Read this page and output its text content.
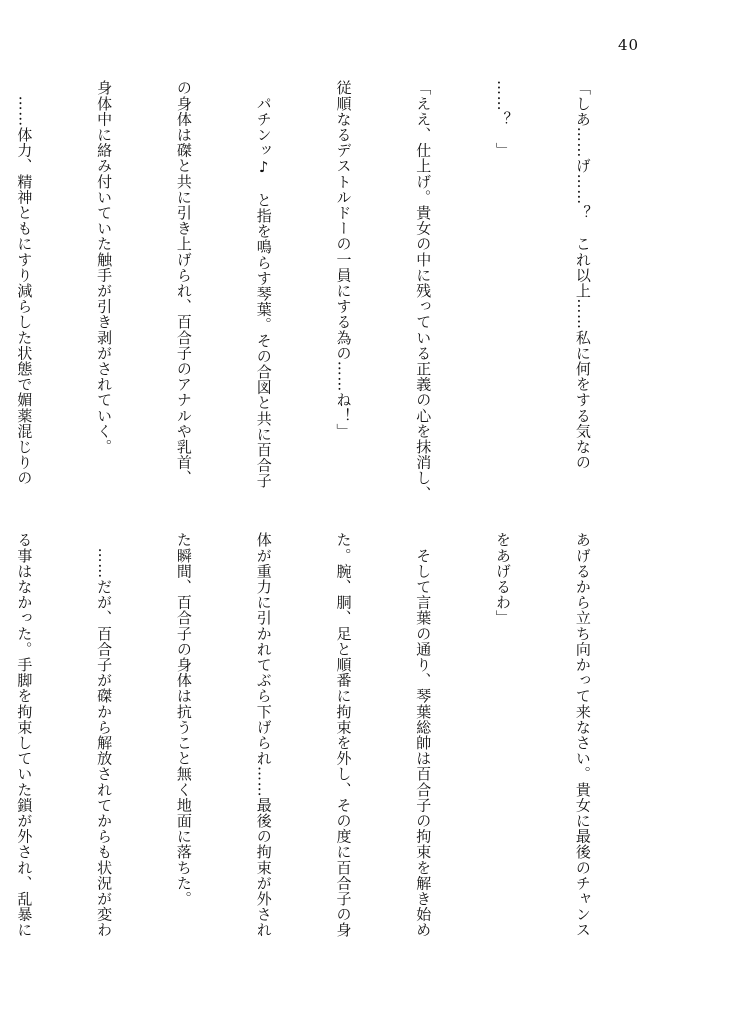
40

「しあ……げ……？　これ以上……私に何をする気なの

……？　」

「ええ、仕上げ。貴女の中に残っている正義の心を抹消し、

従順なるデストルドーの一員にする為の……ね！」

　パチンッ♪　と指を鳴らす琴葉。その合図と共に百合子

の身体は磔と共に引き上げられ、百合子のアナルや乳首、

身体中に絡み付いていた触手が引き剥がされていく。

　……体力、精神ともにすり減らした状態で媚薬混じりの

あげるから立ち向かって来なさい。貴女に最後のチャンス

をあげるわ」

　そして言葉の通り、琴葉総帥は百合子の拘束を解き始め

た。腕、胴、足と順番に拘束を外し、その度に百合子の身

体が重力に引かれてぶら下げられ……最後の拘束が外され

た瞬間、百合子の身体は抗うこと無く地面に落ちた。

　……だが、百合子が磔から解放されてからも状況が変わ

る事はなかった。手脚を拘束していた鎖が外され、乱暴に
